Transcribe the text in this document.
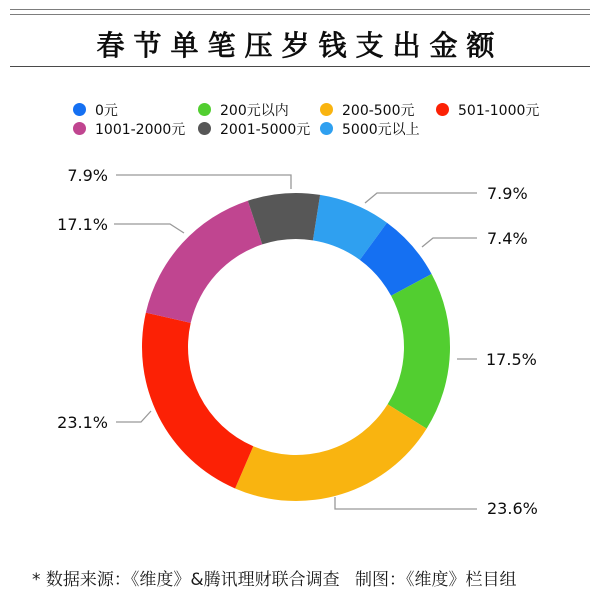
春节单笔压岁钱支出金额
0元	200元以内	200-500元	501-1000元
1001-2000元 2001-5000元 5000元以上
7.9%
7.4%
17.5%
23.6%
23.1%
17.1%
7.9%
* 数据来源：《维度》&腾讯理财联合调查 制图：《维度》栏目组
